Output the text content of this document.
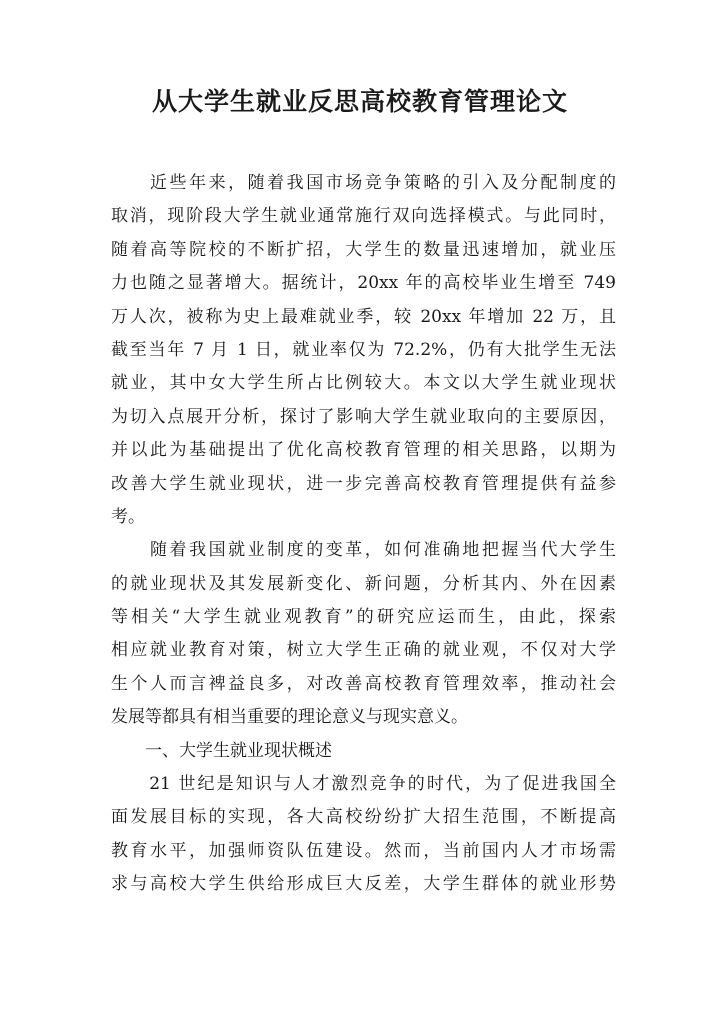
从大学生就业反思高校教育管理论文
　　近些年来，随着我国市场竞争策略的引入及分配制度的
取消，现阶段大学生就业通常施行双向选择模式。与此同时，
随着高等院校的不断扩招，大学生的数量迅速增加，就业压
力也随之显著增大。据统计，20xx 年的高校毕业生增至 749
万人次，被称为史上最难就业季，较 20xx 年增加 22 万，且
截至当年 7 月 1 日，就业率仅为 72.2%，仍有大批学生无法
就业，其中女大学生所占比例较大。本文以大学生就业现状
为切入点展开分析，探讨了影响大学生就业取向的主要原因，
并以此为基础提出了优化高校教育管理的相关思路，以期为
改善大学生就业现状，进一步完善高校教育管理提供有益参
考。
　　随着我国就业制度的变革，如何准确地把握当代大学生
的就业现状及其发展新变化、新问题，分析其内、外在因素
等相关“大学生就业观教育”的研究应运而生，由此，探索
相应就业教育对策，树立大学生正确的就业观，不仅对大学
生个人而言裨益良多，对改善高校教育管理效率，推动社会
发展等都具有相当重要的理论意义与现实意义。
　　一、大学生就业现状概述
　　21 世纪是知识与人才激烈竞争的时代，为了促进我国全
面发展目标的实现，各大高校纷纷扩大招生范围，不断提高
教育水平，加强师资队伍建设。然而，当前国内人才市场需
求与高校大学生供给形成巨大反差，大学生群体的就业形势
